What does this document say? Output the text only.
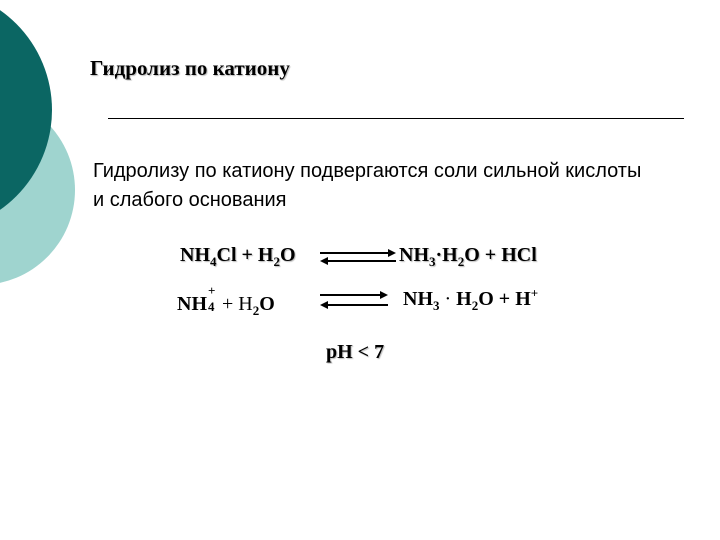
Гидролиз по катиону
Гидролизу по катиону подвергаются соли сильной кислоты и слабого основания
$NH_4Cl + H_2O$	$NH_3\cdot H_2O$ + HCl
NH
+
$4 + H_2O$	$NH_3 \cdot H_2O + H^+$
pH < 7
